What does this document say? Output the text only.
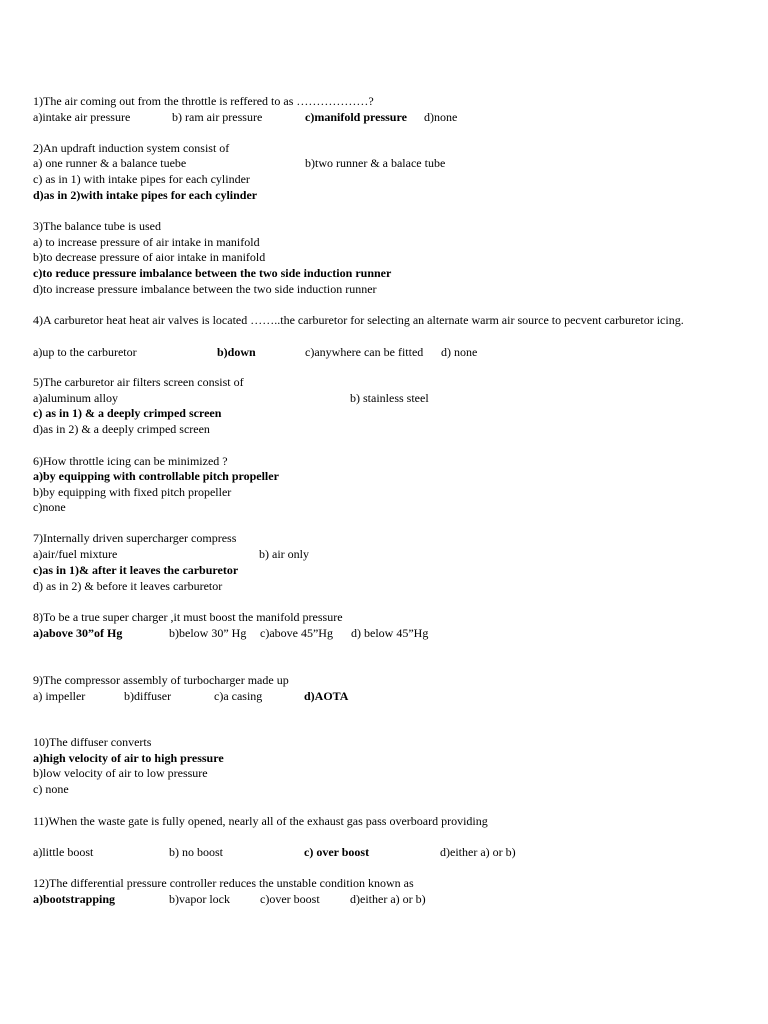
1)The air coming out from the throttle is reffered to as ………………?
a)intake air pressure	b) ram air pressure	c)manifold pressure d)none
2)An updraft induction system consist of
a) one runner & a balance tuebe	b)two runner & a balace tube
c) as in 1) with intake pipes for each cylinder
d)as in 2)with intake pipes for each cylinder
3)The balance tube is used
a) to increase pressure of air intake in manifold
b)to decrease pressure of aior intake in manifold
c)to reduce pressure imbalance between the two side induction runner
d)to increase pressure imbalance between the two side induction runner
4)A carburetor heat heat air valves is located ……..the carburetor for selecting an alternate warm air source to pecvent carburetor icing.
a)up to the carburetor	b)down	c)anywhere can be fitted d) none
5)The carburetor air filters screen consist of
a)aluminum alloy	b) stainless steel
c) as in 1) & a deeply crimped screen
d)as in 2) & a deeply crimped screen
6)How throttle icing can be minimized ?
a)by equipping with controllable pitch propeller
b)by equipping with fixed pitch propeller
c)none
7)Internally driven supercharger compress
a)air/fuel mixture	b) air only
c)as in 1)& after it leaves the carburetor
d) as in 2) & before it leaves carburetor
8)To be a true super charger ,it must boost the manifold pressure
a)above 30”of Hg	b)below 30” Hg c)above 45”Hg d) below 45”Hg
9)The compressor assembly of turbocharger made up
a) impeller	b)diffuser	c)a casing	d)AOTA
10)The diffuser converts
a)high velocity of air to high pressure
b)low velocity of air to low pressure
c) none
11)When the waste gate is fully opened, nearly all of the exhaust gas pass overboard providing
a)little boost	b) no boost	c) over boost	d)either a) or b)
12)The differential pressure controller reduces the unstable condition known as
a)bootstrapping	b)vapor lock	c)over boost	d)either a) or b)
